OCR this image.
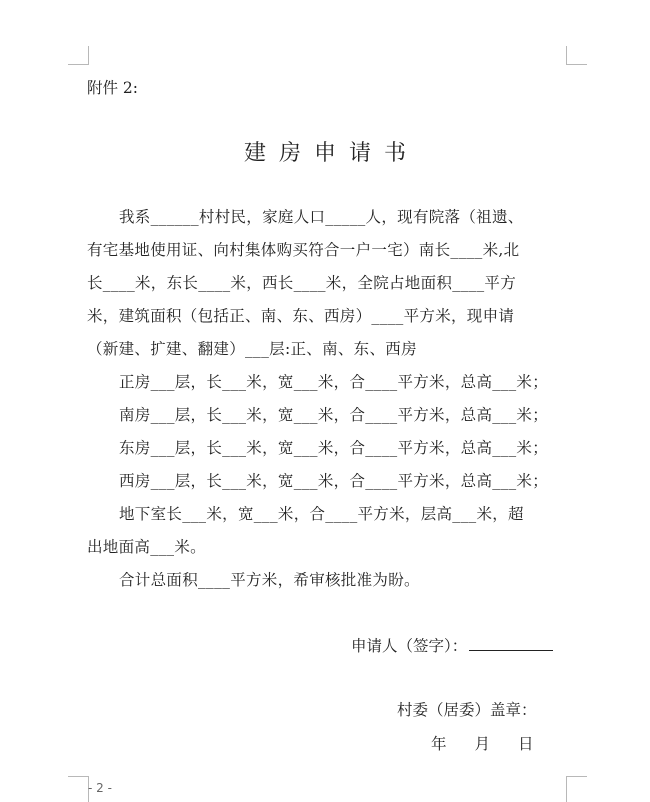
附件 2:
建房申请书
我系______村村民，家庭人口_____人，现有院落（祖遗、
有宅基地使用证、向村集体购买符合一户一宅）南长____米,北
长____米，东长____米，西长____米，全院占地面积____平方
米，建筑面积（包括正、南、东、西房）____平方米，现申请
（新建、扩建、翻建）___层:正、南、东、西房
正房___层，长___米，宽___米，合____平方米，总高___米；
南房___层，长___米，宽___米，合____平方米，总高___米；
东房___层，长___米，宽___米，合____平方米，总高___米；
西房___层，长___米，宽___米，合____平方米，总高___米；
地下室长___米，宽___米，合____平方米，层高___米，超
出地面高___米。
合计总面积____平方米，希审核批准为盼。
申请人（签字）：
村委（居委）盖章：
年 月 日
- 2 -
